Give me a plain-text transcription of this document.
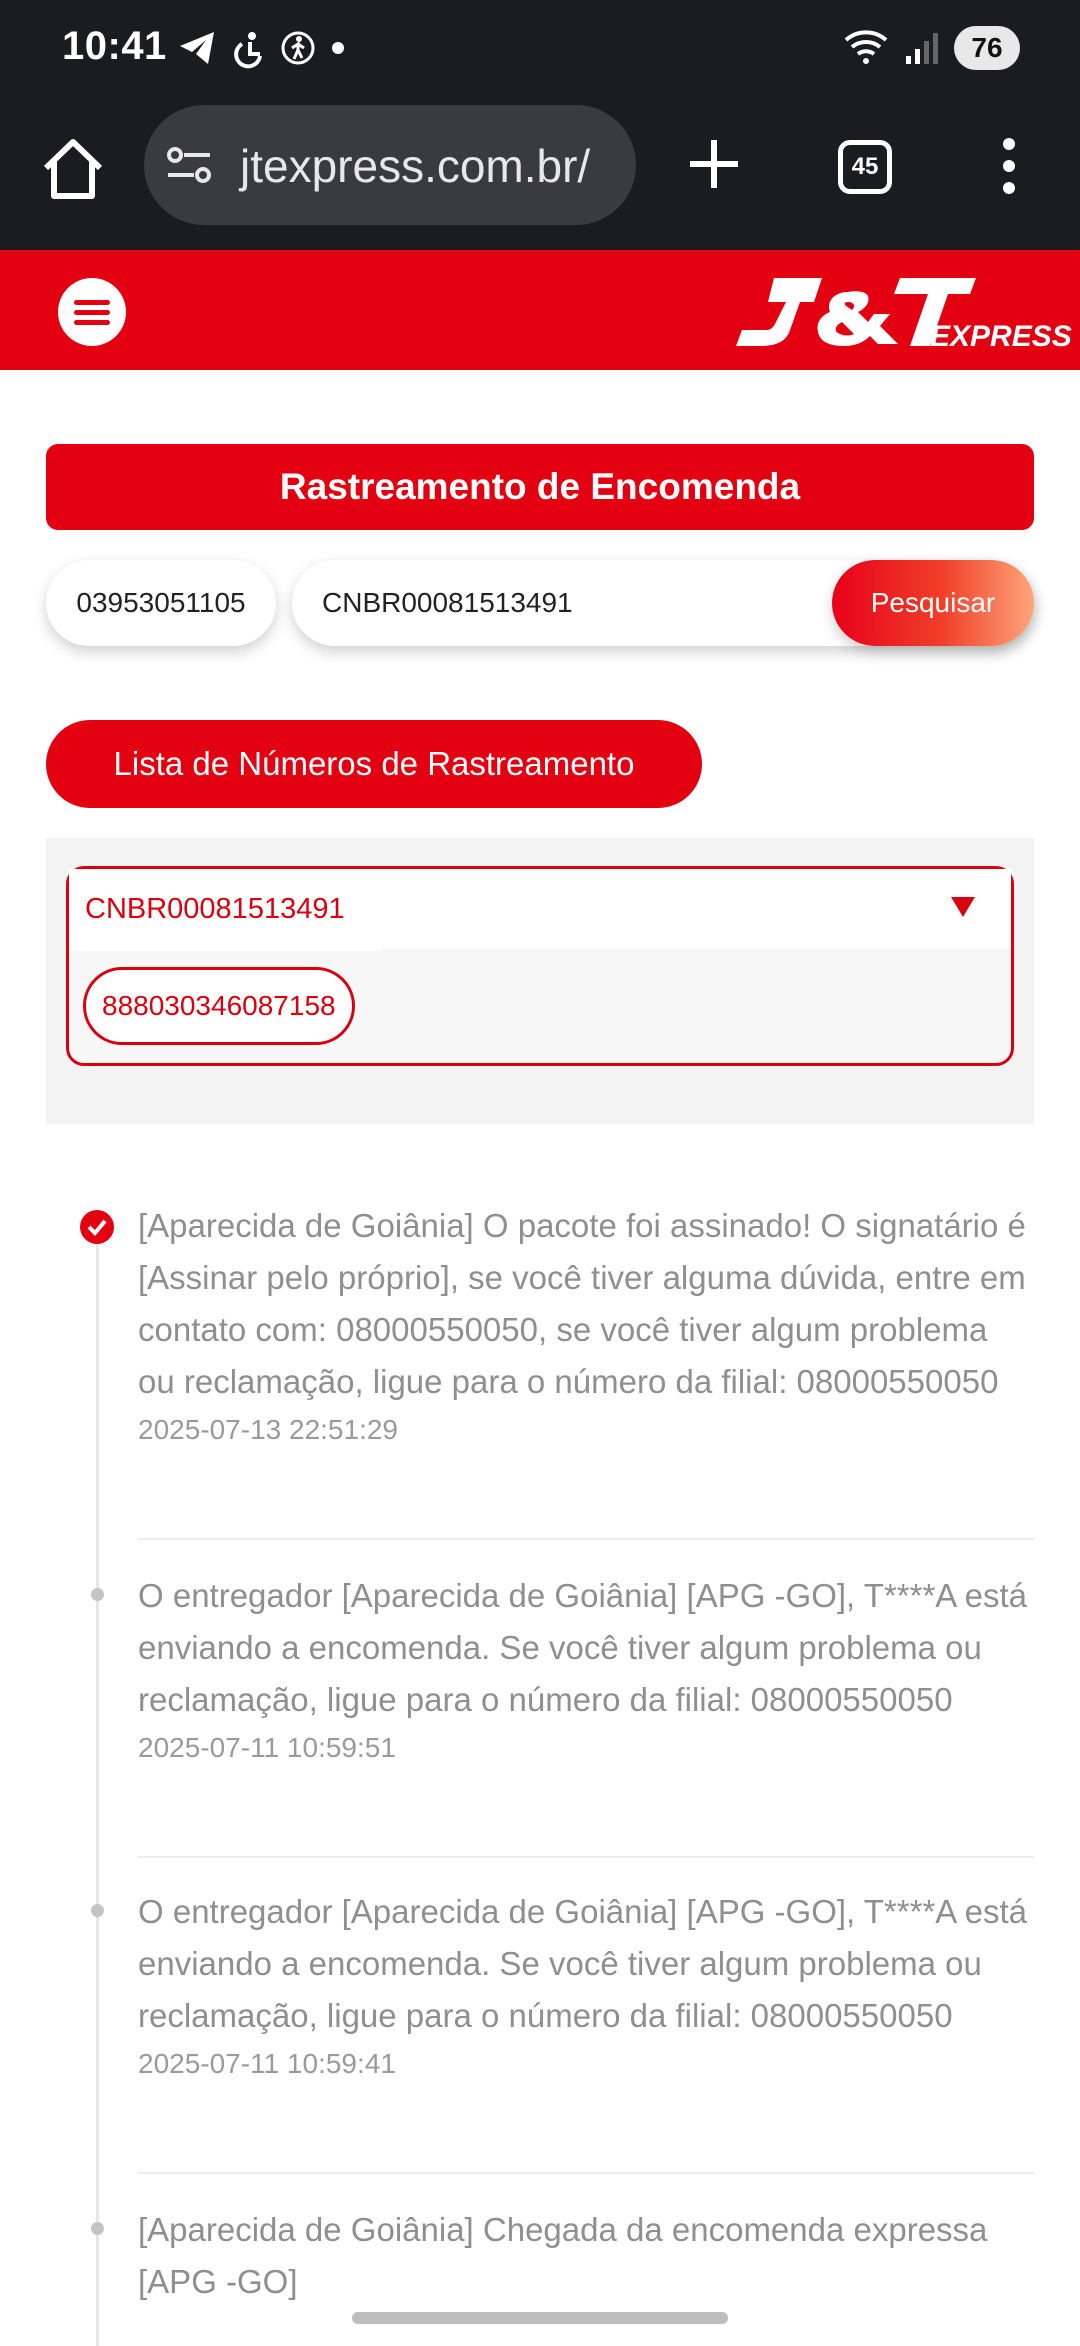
10:41	76
jtexpress.com.br/	45
EXPRESS
Rastreamento de Encomenda
03953051105	CNBR00081513491	Pesquisar
Lista de Números de Rastreamento
CNBR00081513491
888030346087158
[Aparecida de Goiânia] O pacote foi assinado! O signatário é [Assinar pelo próprio], se você tiver alguma dúvida, entre em contato com: 08000550050, se você tiver algum problema ou reclamação, ligue para o número da filial: 08000550050
2025-07-13 22:51:29
O entregador [Aparecida de Goiânia] [APG -GO], T****A está enviando a encomenda. Se você tiver algum problema ou reclamação, ligue para o número da filial: 08000550050
2025-07-11 10:59:51
O entregador [Aparecida de Goiânia] [APG -GO], T****A está enviando a encomenda. Se você tiver algum problema ou reclamação, ligue para o número da filial: 08000550050
2025-07-11 10:59:41
[Aparecida de Goiânia] Chegada da encomenda expressa [APG -GO]
